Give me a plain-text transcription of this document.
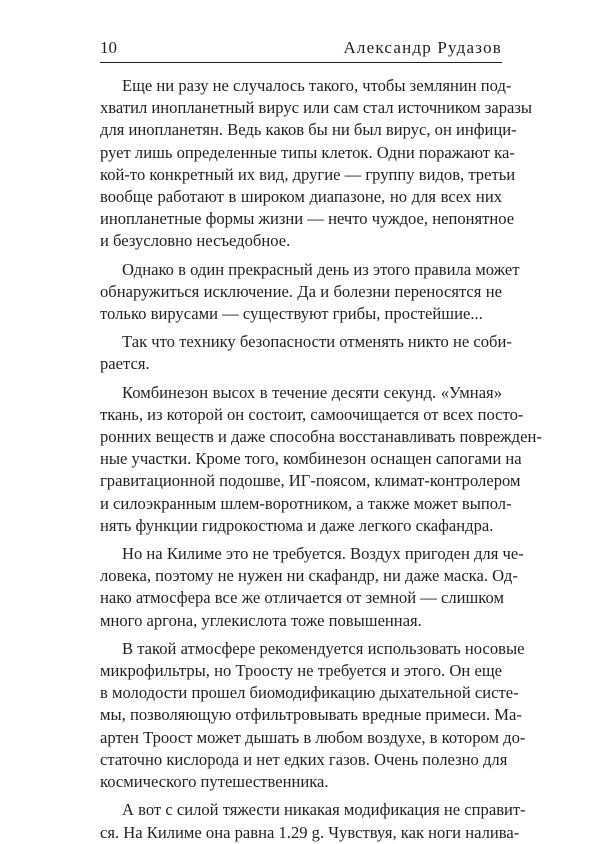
10	Александр Рудазов
Еще ни разу не случалось такого, чтобы землянин под-
хватил инопланетный вирус или сам стал источником заразы
для инопланетян. Ведь каков бы ни был вирус, он инфици-
рует лишь определенные типы клеток. Одни поражают ка-
кой-то конкретный их вид, другие — группу видов, третьи
вообще работают в широком диапазоне, но для всех них
инопланетные формы жизни — нечто чуждое, непонятное
и безусловно несъедобное.
Однако в один прекрасный день из этого правила может
обнаружиться исключение. Да и болезни переносятся не
только вирусами — существуют грибы, простейшие...
Так что технику безопасности отменять никто не соби-
рается.
Комбинезон высох в течение десяти секунд. «Умная»
ткань, из которой он состоит, самоочищается от всех посто-
ронних веществ и даже способна восстанавливать поврежден-
ные участки. Кроме того, комбинезон оснащен сапогами на
гравитационной подошве, ИГ-поясом, климат-контролером
и силоэкранным шлем-воротником, а также может выпол-
нять функции гидрокостюма и даже легкого скафандра.
Но на Килиме это не требуется. Воздух пригоден для че-
ловека, поэтому не нужен ни скафандр, ни даже маска. Од-
нако атмосфера все же отличается от земной — слишком
много аргона, углекислота тоже повышенная.
В такой атмосфере рекомендуется использовать носовые
микрофильтры, но Троосту не требуется и этого. Он еще
в молодости прошел биомодификацию дыхательной систе-
мы, позволяющую отфильтровывать вредные примеси. Ма-
артен Троост может дышать в любом воздухе, в котором до-
статочно кислорода и нет едких газов. Очень полезно для
космического путешественника.
А вот с силой тяжести никакая модификация не справит-
ся. На Килиме она равна 1.29 g. Чувствуя, как ноги налива-
